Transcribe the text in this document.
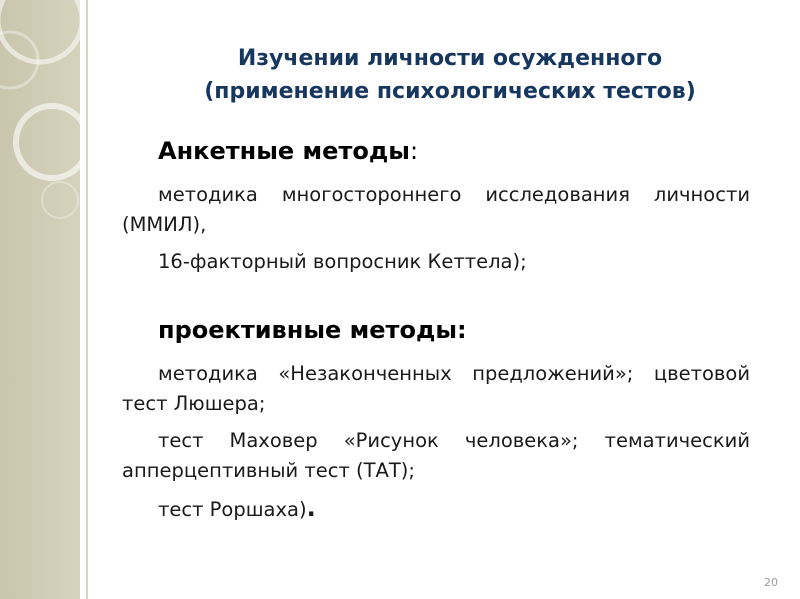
Изучении личности осужденного
(применение психологических тестов)
Анкетные методы:

методика многостороннего исследования личности (ММИЛ),

16-факторный вопросник Кеттела);

проективные методы:

методика «Незаконченных предложений»; цветовой тест Люшера;

тест Маховер «Рисунок человека»; тематический апперцептивный тест (ТАТ);

тест Роршаха).

20
